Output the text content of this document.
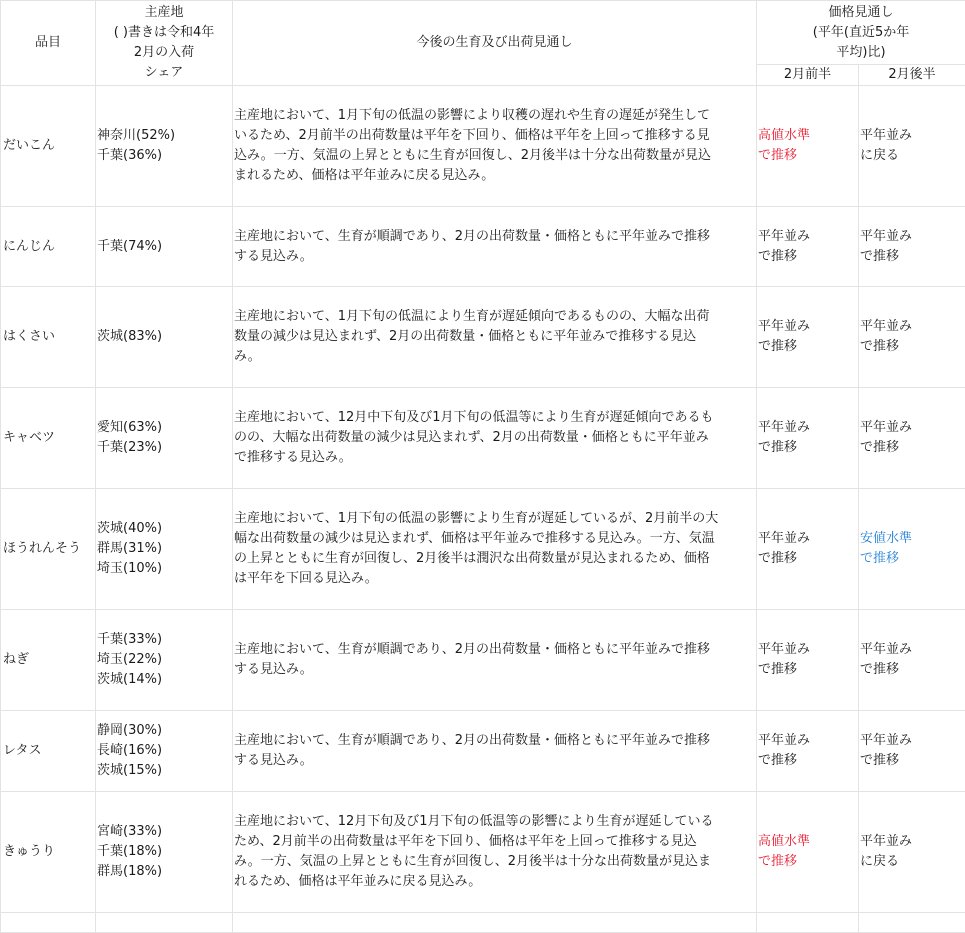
品目	主産地
( )書きは令和4年
2月の入荷
シェア	今後の生育及び出荷見通し	価格見通し
(平年(直近5か年
平均)比)	

			2月前半	2月後半
だいこん	神奈川(52%)
千葉(36%)	主産地において、1月下旬の低温の影響により収穫の遅れや生育の遅延が発生して
いるため、2月前半の出荷数量は平年を下回り、価格は平年を上回って推移する見
込み。一方、気温の上昇とともに生育が回復し、2月後半は十分な出荷数量が見込
まれるため、価格は平年並みに戻る見込み。	高値水準
で推移	平年並み
に戻る

にんじん	千葉(74%)	主産地において、生育が順調であり、2月の出荷数量・価格ともに平年並みで推移
する見込み。	平年並み
で推移	平年並み
で推移

はくさい	茨城(83%)	主産地において、1月下旬の低温により生育が遅延傾向であるものの、大幅な出荷
数量の減少は見込まれず、2月の出荷数量・価格ともに平年並みで推移する見込
み。	平年並み
で推移	平年並み
で推移

キャベツ	愛知(63%)
千葉(23%)	主産地において、12月中下旬及び1月下旬の低温等により生育が遅延傾向であるも
のの、大幅な出荷数量の減少は見込まれず、2月の出荷数量・価格ともに平年並み
で推移する見込み。	平年並み
で推移	平年並み
で推移

ほうれんそう	茨城(40%)
群馬(31%)
埼玉(10%)	主産地において、1月下旬の低温の影響により生育が遅延しているが、2月前半の大
幅な出荷数量の減少は見込まれず、価格は平年並みで推移する見込み。一方、気温
の上昇とともに生育が回復し、2月後半は潤沢な出荷数量が見込まれるため、価格
は平年を下回る見込み。	平年並み
で推移	安値水準
で推移

ねぎ	千葉(33%)
埼玉(22%)
茨城(14%)	主産地において、生育が順調であり、2月の出荷数量・価格ともに平年並みで推移
する見込み。	平年並み
で推移	平年並み
で推移

レタス	静岡(30%)
長崎(16%)
茨城(15%)	主産地において、生育が順調であり、2月の出荷数量・価格ともに平年並みで推移
する見込み。	平年並み
で推移	平年並み
で推移

きゅうり	宮崎(33%)
千葉(18%)
群馬(18%)	主産地において、12月下旬及び1月下旬の低温等の影響により生育が遅延している
ため、2月前半の出荷数量は平年を下回り、価格は平年を上回って推移する見込
み。一方、気温の上昇とともに生育が回復し、2月後半は十分な出荷数量が見込ま
れるため、価格は平年並みに戻る見込み。	高値水準
で推移	平年並み
に戻る
